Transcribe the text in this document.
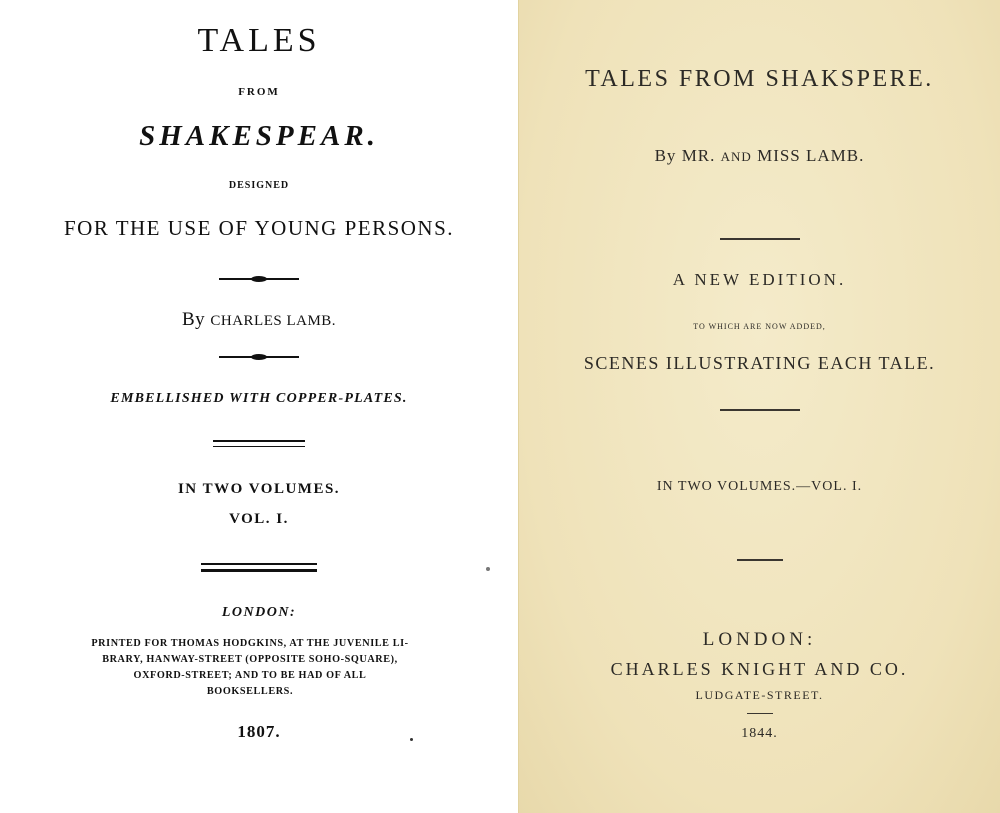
TALES
FROM
SHAKESPEAR.
DESIGNED
FOR THE USE OF YOUNG PERSONS.
By CHARLES LAMB.
EMBELLISHED WITH COPPER-PLATES.
IN TWO VOLUMES.
VOL. I.
LONDON:
PRINTED FOR THOMAS HODGKINS, AT THE JUVENILE LI-
BRARY, HANWAY-STREET (OPPOSITE SOHO-SQUARE),
OXFORD-STREET; AND TO BE HAD OF ALL
BOOKSELLERS.
1807.
TALES FROM SHAKSPERE.
By MR. AND MISS LAMB.
A NEW EDITION.
TO WHICH ARE NOW ADDED,
SCENES ILLUSTRATING EACH TALE.
IN TWO VOLUMES.—VOL. I.
LONDON:
CHARLES KNIGHT AND CO.
LUDGATE-STREET.
1844.
